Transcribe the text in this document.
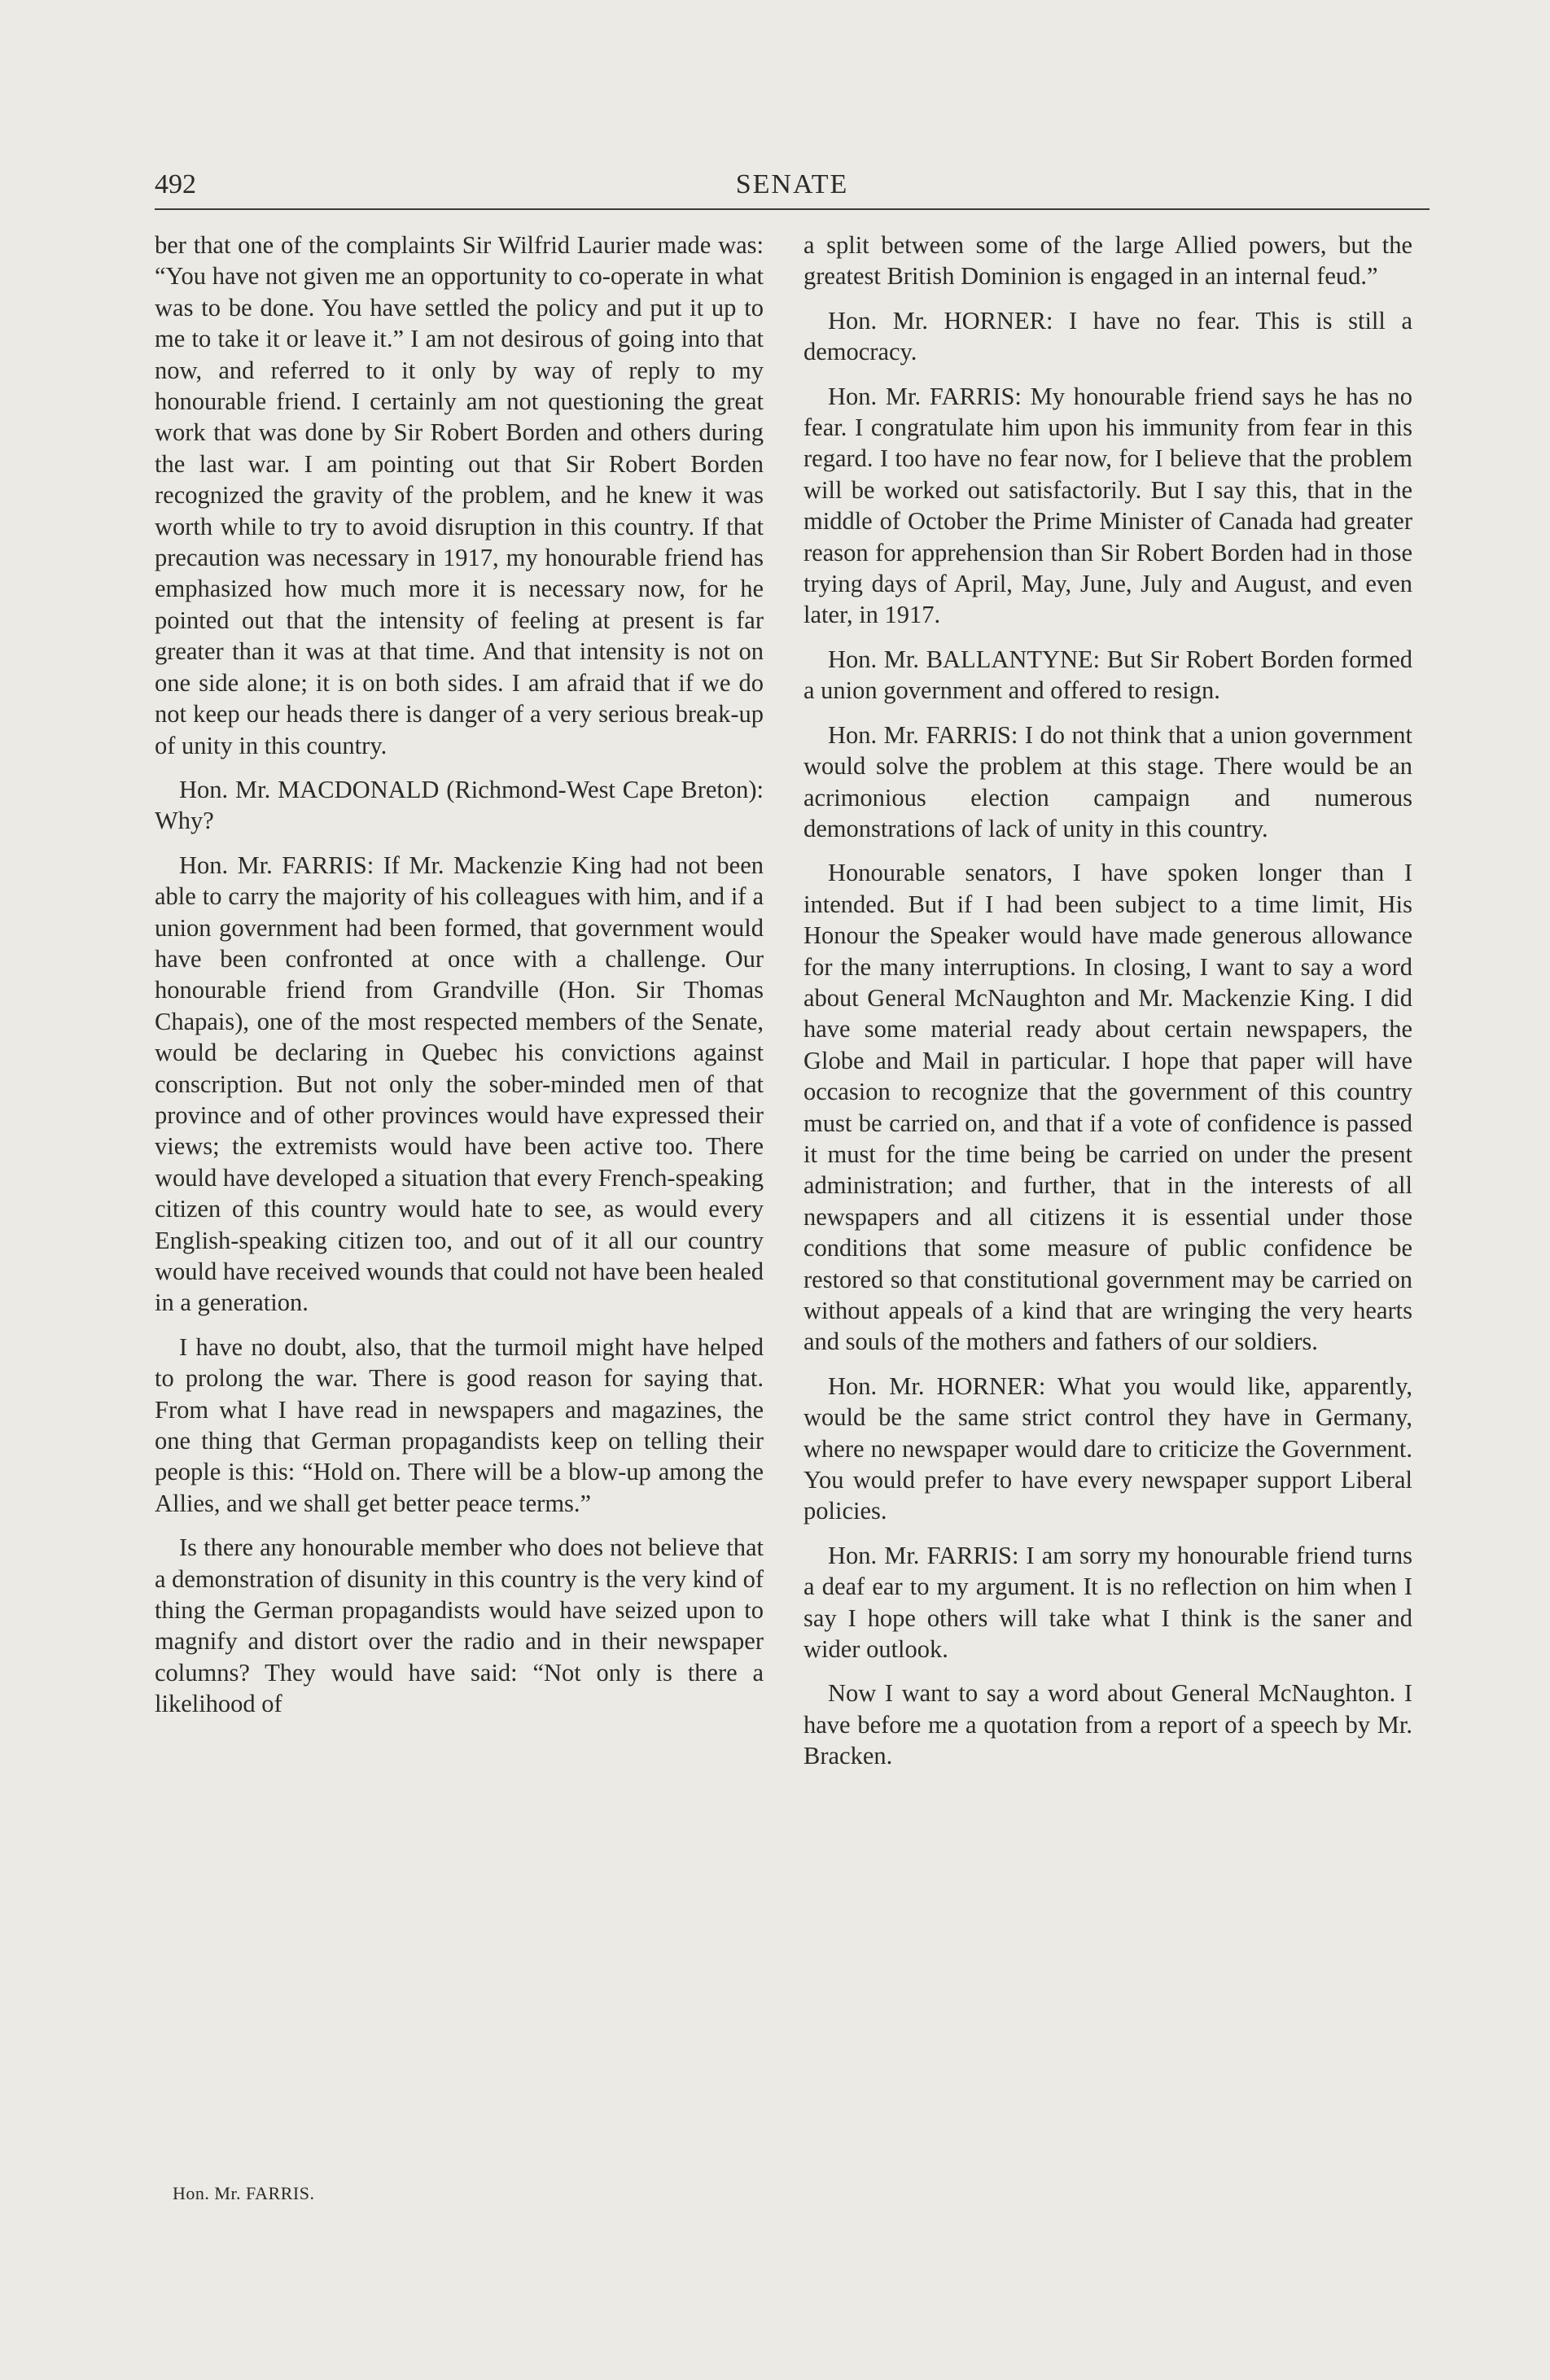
492	SENATE

ber that one of the complaints Sir Wilfrid Laurier made was: “You have not given me an opportunity to co-operate in what was to be done. You have settled the policy and put it up to me to take it or leave it.” I am not desirous of going into that now, and referred to it only by way of reply to my honourable friend. I certainly am not questioning the great work that was done by Sir Robert Borden and others during the last war. I am pointing out that Sir Robert Borden recognized the gravity of the problem, and he knew it was worth while to try to avoid disruption in this country. If that precaution was necessary in 1917, my honourable friend has emphasized how much more it is necessary now, for he pointed out that the intensity of feeling at present is far greater than it was at that time. And that intensity is not on one side alone; it is on both sides. I am afraid that if we do not keep our heads there is danger of a very serious break-up of unity in this country.

Hon. Mr. MACDONALD (Richmond-West Cape Breton): Why?

Hon. Mr. FARRIS: If Mr. Mackenzie King had not been able to carry the majority of his colleagues with him, and if a union government had been formed, that government would have been confronted at once with a challenge. Our honourable friend from Grandville (Hon. Sir Thomas Chapais), one of the most respected members of the Senate, would be declaring in Quebec his convictions against conscription. But not only the sober-minded men of that province and of other provinces would have expressed their views; the extremists would have been active too. There would have developed a situation that every French-speaking citizen of this country would hate to see, as would every English-speaking citizen too, and out of it all our country would have received wounds that could not have been healed in a generation.

I have no doubt, also, that the turmoil might have helped to prolong the war. There is good reason for saying that. From what I have read in newspapers and magazines, the one thing that German propagandists keep on telling their people is this: “Hold on. There will be a blow-up among the Allies, and we shall get better peace terms.”

Is there any honourable member who does not believe that a demonstration of disunity in this country is the very kind of thing the German propagandists would have seized upon to magnify and distort over the radio and in their newspaper columns? They would have said: “Not only is there a likelihood of

a split between some of the large Allied powers, but the greatest British Dominion is engaged in an internal feud.”

Hon. Mr. HORNER: I have no fear. This is still a democracy.

Hon. Mr. FARRIS: My honourable friend says he has no fear. I congratulate him upon his immunity from fear in this regard. I too have no fear now, for I believe that the problem will be worked out satisfactorily. But I say this, that in the middle of October the Prime Minister of Canada had greater reason for apprehension than Sir Robert Borden had in those trying days of April, May, June, July and August, and even later, in 1917.

Hon. Mr. BALLANTYNE: But Sir Robert Borden formed a union government and offered to resign.

Hon. Mr. FARRIS: I do not think that a union government would solve the problem at this stage. There would be an acrimonious election campaign and numerous demonstrations of lack of unity in this country.

Honourable senators, I have spoken longer than I intended. But if I had been subject to a time limit, His Honour the Speaker would have made generous allowance for the many interruptions. In closing, I want to say a word about General McNaughton and Mr. Mackenzie King. I did have some material ready about certain newspapers, the Globe and Mail in particular. I hope that paper will have occasion to recognize that the government of this country must be carried on, and that if a vote of confidence is passed it must for the time being be carried on under the present administration; and further, that in the interests of all newspapers and all citizens it is essential under those conditions that some measure of public confidence be restored so that constitutional government may be carried on without appeals of a kind that are wringing the very hearts and souls of the mothers and fathers of our soldiers.

Hon. Mr. HORNER: What you would like, apparently, would be the same strict control they have in Germany, where no newspaper would dare to criticize the Government. You would prefer to have every newspaper support Liberal policies.

Hon. Mr. FARRIS: I am sorry my honourable friend turns a deaf ear to my argument. It is no reflection on him when I say I hope others will take what I think is the saner and wider outlook.

Now I want to say a word about General McNaughton. I have before me a quotation from a report of a speech by Mr. Bracken.

Hon. Mr. FARRIS.
